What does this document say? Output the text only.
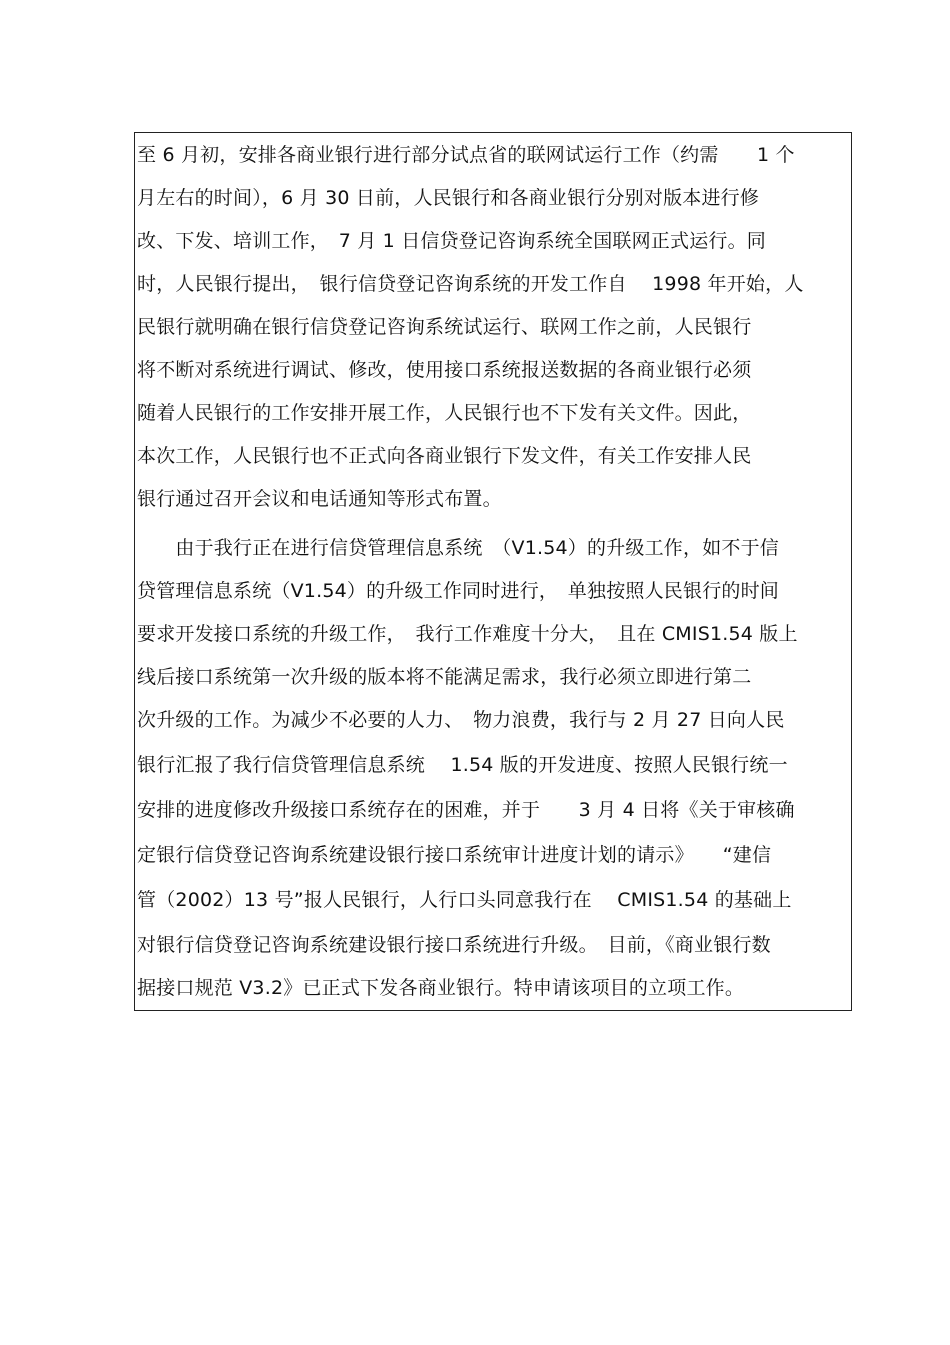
至 6 月初，安排各商业银行进行部分试点省的联网试运行工作（约需　　1 个
月左右的时间），6 月 30 日前，人民银行和各商业银行分别对版本进行修
改、下发、培训工作，　7 月 1 日信贷登记咨询系统全国联网正式运行。同
时，人民银行提出，　银行信贷登记咨询系统的开发工作自　 1998 年开始，人
民银行就明确在银行信贷登记咨询系统试运行、联网工作之前，人民银行
将不断对系统进行调试、修改，使用接口系统报送数据的各商业银行必须
随着人民银行的工作安排开展工作，人民银行也不下发有关文件。因此，
本次工作，人民银行也不正式向各商业银行下发文件，有关工作安排人民
银行通过召开会议和电话通知等形式布置。
　　由于我行正在进行信贷管理信息系统　（V1.54）的升级工作，如不于信
贷管理信息系统（V1.54）的升级工作同时进行，　单独按照人民银行的时间
要求开发接口系统的升级工作，　我行工作难度十分大，　且在 CMIS1.54 版上
线后接口系统第一次升级的版本将不能满足需求，我行必须立即进行第二
次升级的工作。为减少不必要的人力、　物力浪费，我行与 2 月 27 日向人民
银行汇报了我行信贷管理信息系统　 1.54 版的开发进度、按照人民银行统一
安排的进度修改升级接口系统存在的困难，并于　　3 月 4 日将《关于审核确
定银行信贷登记咨询系统建设银行接口系统审计进度计划的请示》　　“建信
管（2002）13 号”报人民银行，人行口头同意我行在　 CMIS1.54 的基础上
对银行信贷登记咨询系统建设银行接口系统进行升级。　目前，《商业银行数
据接口规范 V3.2》已正式下发各商业银行。特申请该项目的立项工作。
